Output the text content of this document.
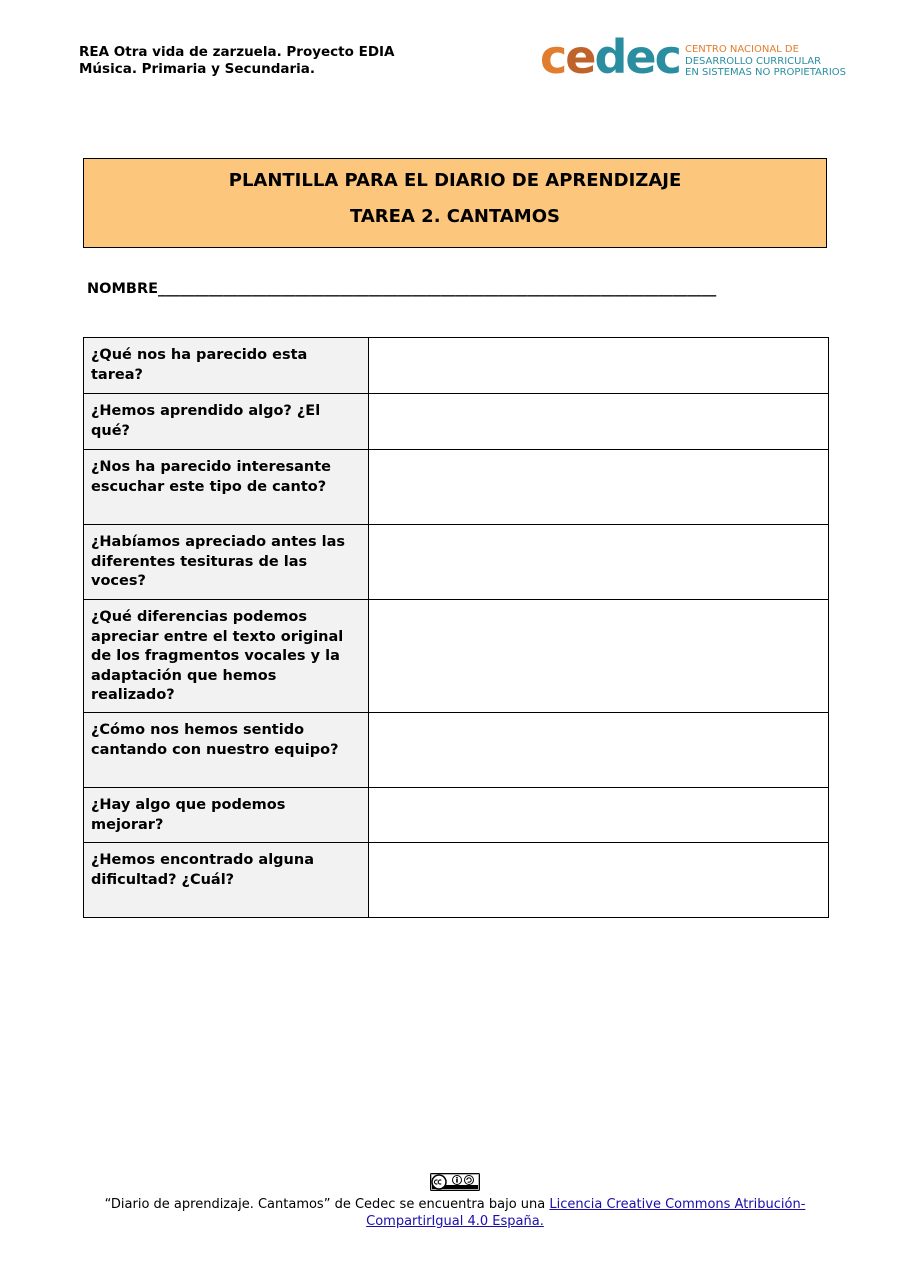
REA Otra vida de zarzuela. Proyecto EDIA
Música. Primaria y Secundaria.	cedec CENTRO NACIONAL DE
DESARROLLO CURRICULAR
EN SISTEMAS NO PROPIETARIOS
PLANTILLA PARA EL DIARIO DE APRENDIZAJE
TAREA 2. CANTAMOS
NOMBRE_____________________________________________________________________________
¿Qué nos ha parecido esta tarea?	
¿Hemos aprendido algo? ¿El qué?	
¿Nos ha parecido interesante escuchar este tipo de canto?	
¿Habíamos apreciado antes las diferentes tesituras de las voces?	
¿Qué diferencias podemos apreciar entre el texto original de los fragmentos vocales y la adaptación que hemos realizado?	
¿Cómo nos hemos sentido cantando con nuestro equipo?	
¿Hay algo que podemos mejorar?	
¿Hemos encontrado alguna dificultad? ¿Cuál?	
“Diario de aprendizaje. Cantamos” de Cedec se encuentra bajo una Licencia Creative Commons Atribución-
CompartirIgual 4.0 España.
